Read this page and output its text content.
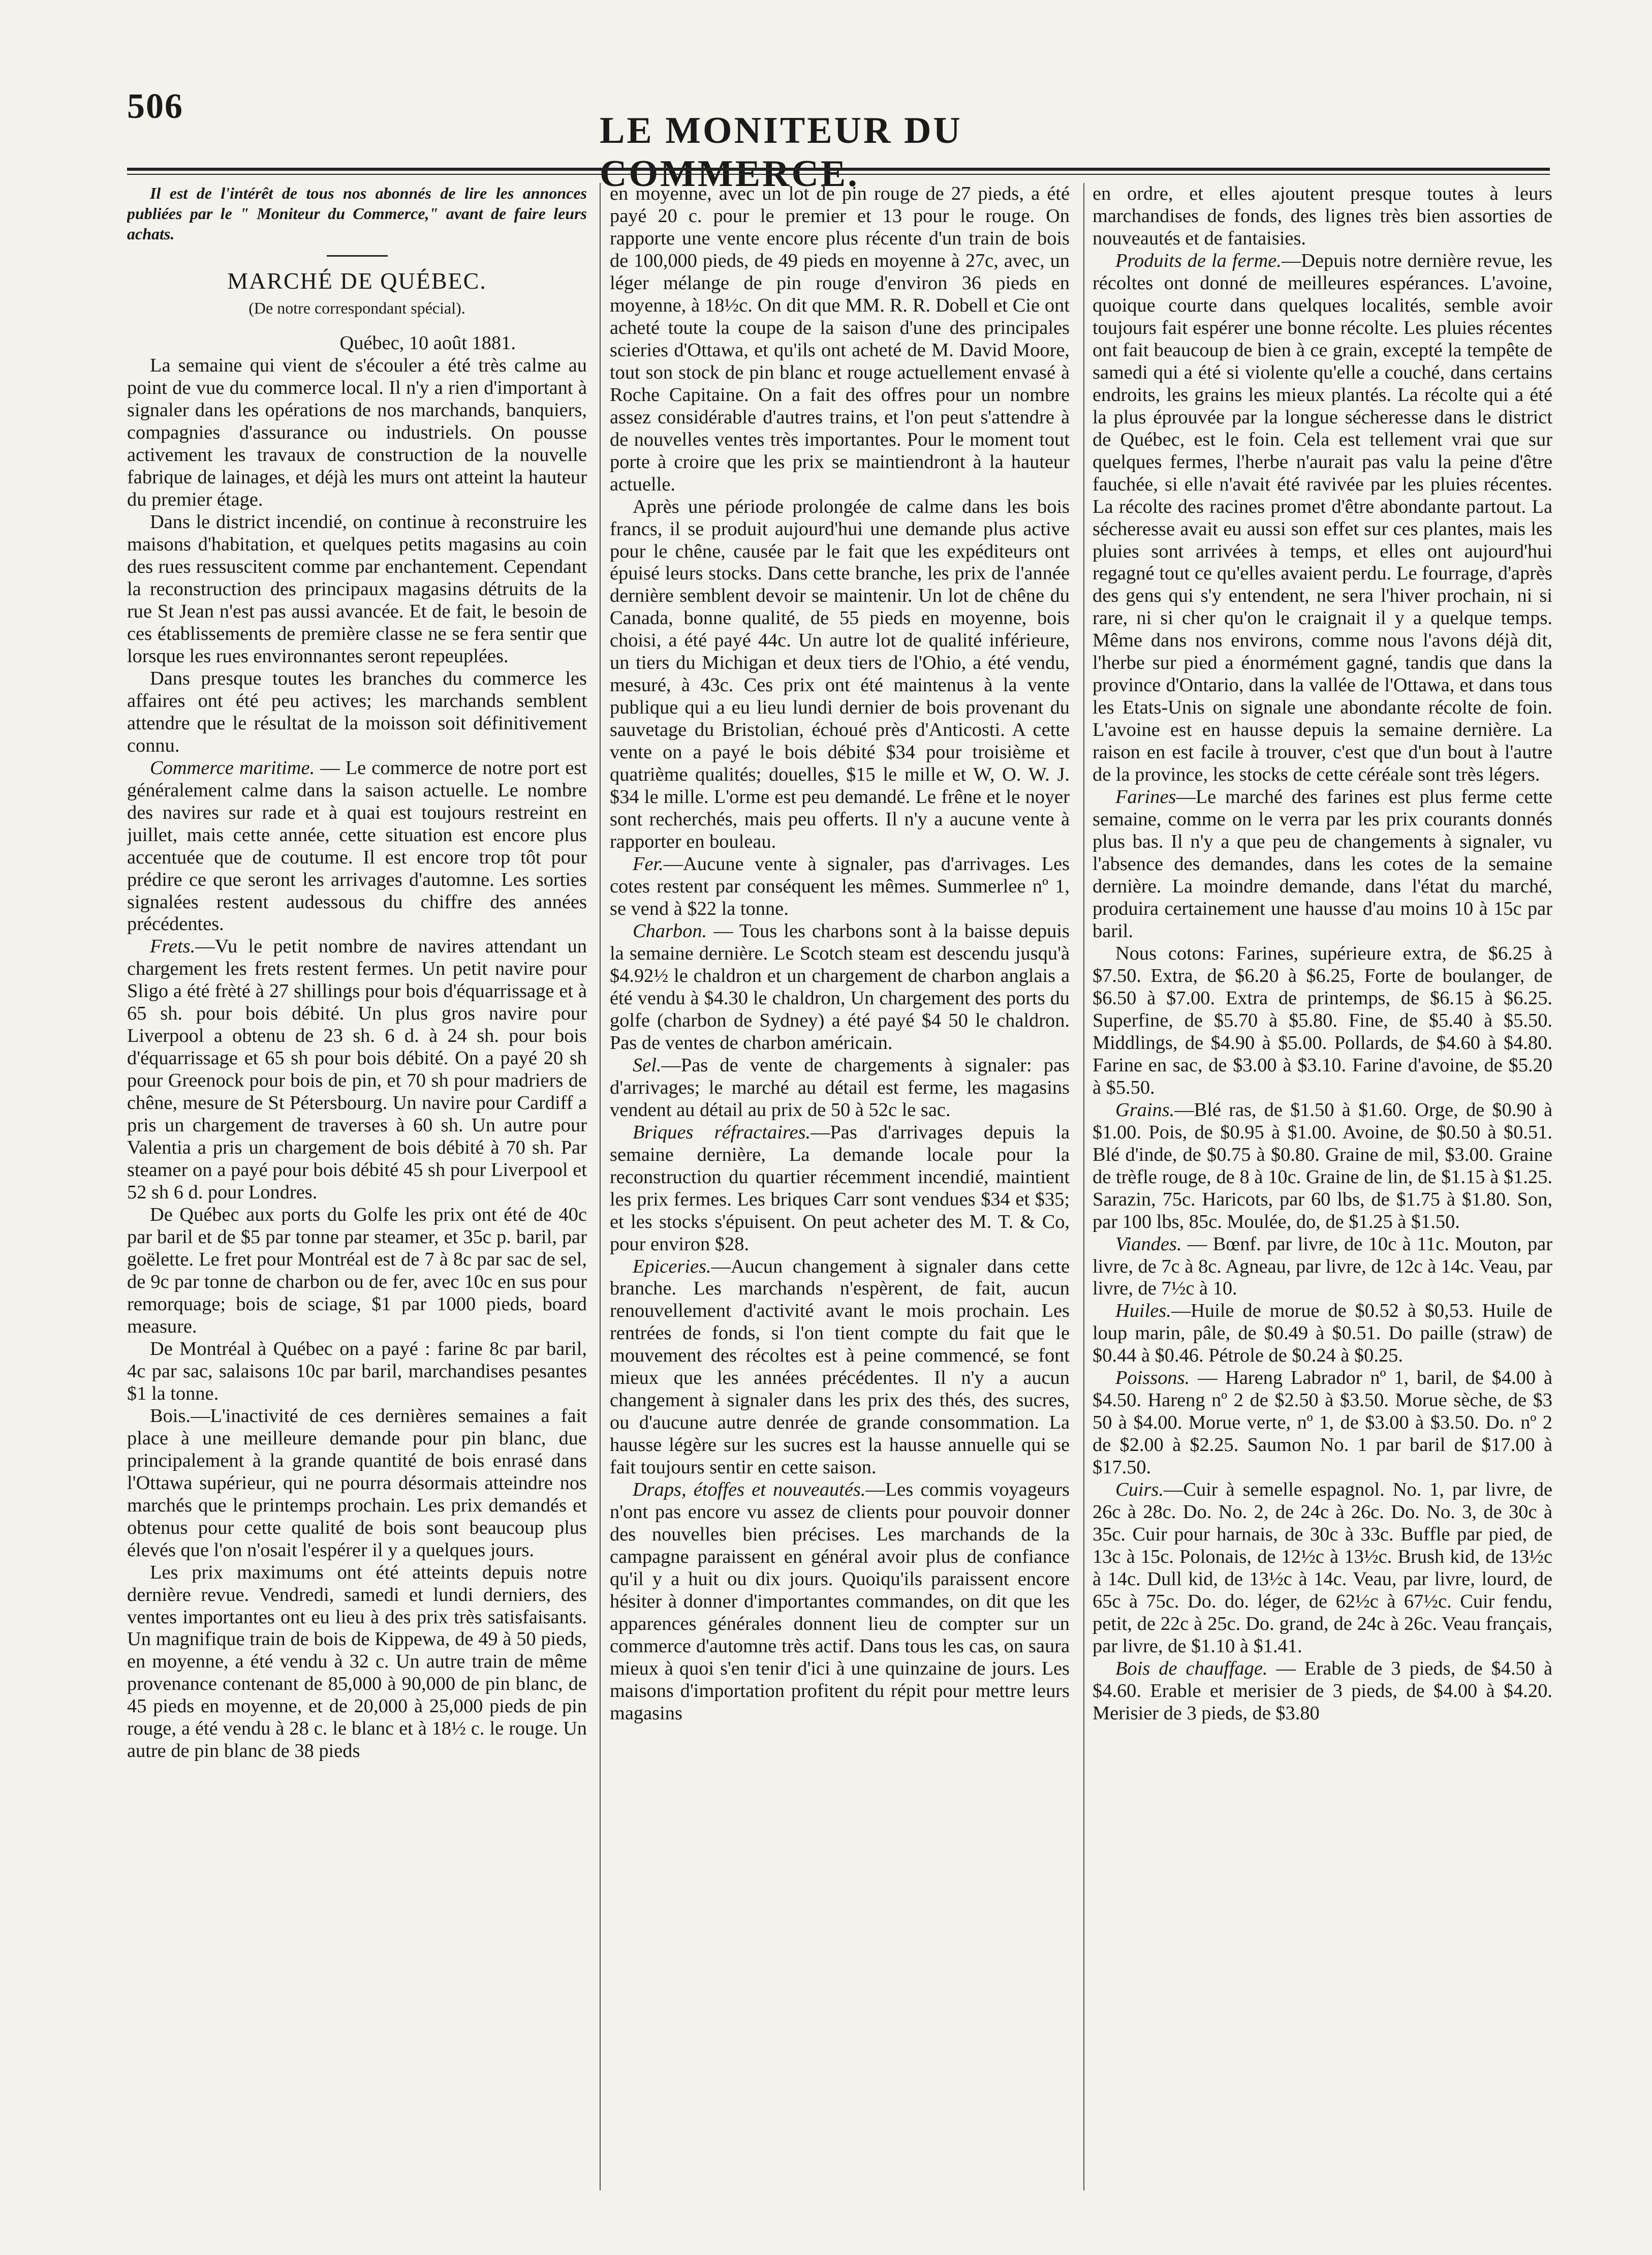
506
LE MONITEUR DU

Il est de l'intérêt de tous nos abonnés de lire les annonces publiées par le " Moniteur du Commerce," avant de faire leurs achats.

MARCHÉ DE QUÉBEC.
(De notre correspondant spécial).

Québec, 10 août 1881.

La semaine qui vient de s'écouler a été très calme au point de vue du commerce local. Il n'y a rien d'important à signaler dans les opérations de nos marchands, banquiers, compagnies d'assurance ou industriels. On pousse activement les travaux de construction de la nouvelle fabrique de lainages, et déjà les murs ont atteint la hauteur du premier étage.

Dans le district incendié, on continue à reconstruire les maisons d'habitation, et quelques petits magasins au coin des rues ressuscitent comme par enchantement. Cependant la reconstruction des principaux magasins détruits de la rue St Jean n'est pas aussi avancée. Et de fait, le besoin de ces établissements de première classe ne se fera sentir que lorsque les rues environnantes seront repeuplées.

Dans presque toutes les branches du commerce les affaires ont été peu actives; les marchands semblent attendre que le résultat de la moisson soit définitivement connu.

Commerce maritime. — Le commerce de notre port est généralement calme dans la saison actuelle. Le nombre des navires sur rade et à quai est toujours restreint en juillet, mais cette année, cette situation est encore plus accentuée que de coutume. Il est encore trop tôt pour prédire ce que seront les arrivages d'automne. Les sorties signalées restent audessous du chiffre des années précédentes.

Frets.—Vu le petit nombre de navires attendant un chargement les frets restent fermes. Un petit navire pour Sligo a été frèté à 27 shillings pour bois d'équarrissage et à 65 sh. pour bois débité. Un plus gros navire pour Liverpool a obtenu de 23 sh. 6 d. à 24 sh. pour bois d'équarrissage et 65 sh pour bois débité. On a payé 20 sh pour Greenock pour bois de pin, et 70 sh pour madriers de chêne, mesure de St Pétersbourg. Un navire pour Cardiff a pris un chargement de traverses à 60 sh. Un autre pour Valentia a pris un chargement de bois débité à 70 sh. Par steamer on a payé pour bois débité 45 sh pour Liverpool et 52 sh 6 d. pour Londres.

De Québec aux ports du Golfe les prix ont été de 40c par baril et de $5 par tonne par steamer, et 35c p. baril, par goëlette. Le fret pour Montréal est de 7 à 8c par sac de sel, de 9c par tonne de charbon ou de fer, avec 10c en sus pour remorquage; bois de sciage, $1 par 1000 pieds, board measure.

De Montréal à Québec on a payé : farine 8c par baril, 4c par sac, salaisons 10c par baril, marchandises pesantes $1 la tonne.

Bois.—L'inactivité de ces dernières semaines a fait place à une meilleure demande pour pin blanc, due principalement à la grande quantité de bois enrasé dans l'Ottawa supérieur, qui ne pourra désormais atteindre nos marchés que le printemps prochain. Les prix demandés et obtenus pour cette qualité de bois sont beaucoup plus élevés que l'on n'osait l'espérer il y a quelques jours.

Les prix maximums ont été atteints depuis notre dernière revue. Vendredi, samedi et lundi derniers, des ventes importantes ont eu lieu à des prix très satisfaisants. Un magnifique train de bois de Kippewa, de 49 à 50 pieds, en moyenne, a été vendu à 32 c. Un autre train de même provenance contenant de 85,000 à 90,000 de pin blanc, de 45 pieds en moyenne, et de 20,000 à 25,000 pieds de pin rouge, a été vendu à 28 c. le blanc et à 18½ c. le rouge. Un autre de pin blanc de 38 pieds

en moyenne, avec un lot de pin rouge de 27 pieds, a été payé 20 c. pour le premier et 13 pour le rouge. On rapporte une vente encore plus récente d'un train de bois de 100,000 pieds, de 49 pieds en moyenne à 27c, avec, un léger mélange de pin rouge d'environ 36 pieds en moyenne, à 18½c. On dit que MM. R. R. Dobell et Cie ont acheté toute la coupe de la saison d'une des principales scieries d'Ottawa, et qu'ils ont acheté de M. David Moore, tout son stock de pin blanc et rouge actuellement envasé à Roche Capitaine. On a fait des offres pour un nombre assez considérable d'autres trains, et l'on peut s'attendre à de nouvelles ventes très importantes. Pour le moment tout porte à croire que les prix se maintiendront à la hauteur actuelle.

Après une période prolongée de calme dans les bois francs, il se produit aujourd'hui une demande plus active pour le chêne, causée par le fait que les expéditeurs ont épuisé leurs stocks. Dans cette branche, les prix de l'année dernière semblent devoir se maintenir. Un lot de chêne du Canada, bonne qualité, de 55 pieds en moyenne, bois choisi, a été payé 44c. Un autre lot de qualité inférieure, un tiers du Michigan et deux tiers de l'Ohio, a été vendu, mesuré, à 43c. Ces prix ont été maintenus à la vente publique qui a eu lieu lundi dernier de bois provenant du sauvetage du Bristolian, échoué près d'Anticosti. A cette vente on a payé le bois débité $34 pour troisième et quatrième qualités; douelles, $15 le mille et W, O. W. J. $34 le mille. L'orme est peu demandé. Le frêne et le noyer sont recherchés, mais peu offerts. Il n'y a aucune vente à rapporter en bouleau.

Fer.—Aucune vente à signaler, pas d'arrivages. Les cotes restent par conséquent les mêmes. Summerlee nº 1, se vend à $22 la tonne.

Charbon. — Tous les charbons sont à la baisse depuis la semaine dernière. Le Scotch steam est descendu jusqu'à $4.92½ le chaldron et un chargement de charbon anglais a été vendu à $4.30 le chaldron, Un chargement des ports du golfe (charbon de Sydney) a été payé $4 50 le chaldron. Pas de ventes de charbon américain.

Sel.—Pas de vente de chargements à signaler: pas d'arrivages; le marché au détail est ferme, les magasins vendent au détail au prix de 50 à 52c le sac.

Briques réfractaires.—Pas d'arrivages depuis la semaine dernière, La demande locale pour la reconstruction du quartier récemment incendié, maintient les prix fermes. Les briques Carr sont vendues $34 et $35; et les stocks s'épuisent. On peut acheter des M. T. & Co, pour environ $28.

Epiceries.—Aucun changement à signaler dans cette branche. Les marchands n'espèrent, de fait, aucun renouvellement d'activité avant le mois prochain. Les rentrées de fonds, si l'on tient compte du fait que le mouvement des récoltes est à peine commencé, se font mieux que les années précédentes. Il n'y a aucun changement à signaler dans les prix des thés, des sucres, ou d'aucune autre denrée de grande consommation. La hausse légère sur les sucres est la hausse annuelle qui se fait toujours sentir en cette saison.

Draps, étoffes et nouveautés.—Les commis voyageurs n'ont pas encore vu assez de clients pour pouvoir donner des nouvelles bien précises. Les marchands de la campagne paraissent en général avoir plus de confiance qu'il y a huit ou dix jours. Quoiqu'ils paraissent encore hésiter à donner d'importantes commandes, on dit que les apparences générales donnent lieu de compter sur un commerce d'automne très actif. Dans tous les cas, on saura mieux à quoi s'en tenir d'ici à une quinzaine de jours. Les maisons d'importation profitent du répit pour mettre leurs magasins

en ordre, et elles ajoutent presque toutes à leurs marchandises de fonds, des lignes très bien assorties de nouveautés et de fantaisies.

Produits de la ferme.—Depuis notre dernière revue, les récoltes ont donné de meilleures espérances. L'avoine, quoique courte dans quelques localités, semble avoir toujours fait espérer une bonne récolte. Les pluies récentes ont fait beaucoup de bien à ce grain, excepté la tempête de samedi qui a été si violente qu'elle a couché, dans certains endroits, les grains les mieux plantés. La récolte qui a été la plus éprouvée par la longue sécheresse dans le district de Québec, est le foin. Cela est tellement vrai que sur quelques fermes, l'herbe n'aurait pas valu la peine d'être fauchée, si elle n'avait été ravivée par les pluies récentes. La récolte des racines promet d'être abondante partout. La sécheresse avait eu aussi son effet sur ces plantes, mais les pluies sont arrivées à temps, et elles ont aujourd'hui regagné tout ce qu'elles avaient perdu. Le fourrage, d'après des gens qui s'y entendent, ne sera l'hiver prochain, ni si rare, ni si cher qu'on le craignait il y a quelque temps. Même dans nos environs, comme nous l'avons déjà dit, l'herbe sur pied a énormément gagné, tandis que dans la province d'Ontario, dans la vallée de l'Ottawa, et dans tous les Etats-Unis on signale une abondante récolte de foin. L'avoine est en hausse depuis la semaine dernière. La raison en est facile à trouver, c'est que d'un bout à l'autre de la province, les stocks de cette céréale sont très légers.

Farines—Le marché des farines est plus ferme cette semaine, comme on le verra par les prix courants donnés plus bas. Il n'y a que peu de changements à signaler, vu l'absence des demandes, dans les cotes de la semaine dernière. La moindre demande, dans l'état du marché, produira certainement une hausse d'au moins 10 à 15c par baril.

Nous cotons: Farines, supérieure extra, de $6.25 à $7.50. Extra, de $6.20 à $6.25, Forte de boulanger, de $6.50 à $7.00. Extra de printemps, de $6.15 à $6.25. Superfine, de $5.70 à $5.80. Fine, de $5.40 à $5.50. Middlings, de $4.90 à $5.00. Pollards, de $4.60 à $4.80. Farine en sac, de $3.00 à $3.10. Farine d'avoine, de $5.20 à $5.50.

Grains.—Blé ras, de $1.50 à $1.60. Orge, de $0.90 à $1.00. Pois, de $0.95 à $1.00. Avoine, de $0.50 à $0.51. Blé d'inde, de $0.75 à $0.80. Graine de mil, $3.00. Graine de trèfle rouge, de 8 à 10c. Graine de lin, de $1.15 à $1.25. Sarazin, 75c. Haricots, par 60 lbs, de $1.75 à $1.80. Son, par 100 lbs, 85c. Moulée, do, de $1.25 à $1.50.

Viandes. — Bœnf. par livre, de 10c à 11c. Mouton, par livre, de 7c à 8c. Agneau, par livre, de 12c à 14c. Veau, par livre, de 7½c à 10.

Huiles.—Huile de morue de $0.52 à $0,53. Huile de loup marin, pâle, de $0.49 à $0.51. Do paille (straw) de $0.44 à $0.46. Pétrole de $0.24 à $0.25.

Poissons. — Hareng Labrador nº 1, baril, de $4.00 à $4.50. Hareng nº 2 de $2.50 à $3.50. Morue sèche, de $3 50 à $4.00. Morue verte, nº 1, de $3.00 à $3.50. Do. nº 2 de $2.00 à $2.25. Saumon No. 1 par baril de $17.00 à $17.50.

Cuirs.—Cuir à semelle espagnol. No. 1, par livre, de 26c à 28c. Do. No. 2, de 24c à 26c. Do. No. 3, de 30c à 35c. Cuir pour harnais, de 30c à 33c. Buffle par pied, de 13c à 15c. Polonais, de 12½c à 13½c. Brush kid, de 13½c à 14c. Dull kid, de 13½c à 14c. Veau, par livre, lourd, de 65c à 75c. Do. do. léger, de 62½c à 67½c. Cuir fendu, petit, de 22c à 25c. Do. grand, de 24c à 26c. Veau français, par livre, de $1.10 à $1.41.

Bois de chauffage. — Erable de 3 pieds, de $4.50 à $4.60. Erable et merisier de 3 pieds, de $4.00 à $4.20. Merisier de 3 pieds, de $3.80
